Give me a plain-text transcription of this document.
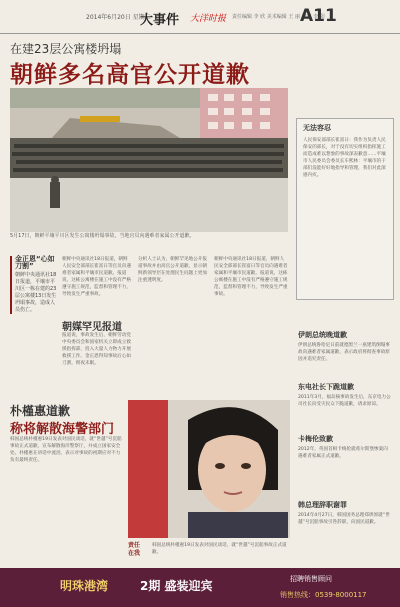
2014年6月20日 星期二
大事件 大洋时报 责任编辑 李 欣 美术编辑 王 丽 校对 李 阳
A11
在建23层公寓楼坍塌
朝鲜多名高官公开道歉
5月17日，朝鲜平壤平川区发生公寓楼坍塌事故，当地官员向遇难者家属公开道歉。
金正恩“心如刀割”
朝鲜中央通讯社18日报道，平壤市平川区一栋在建的23层公寓楼13日发生坍塌事故，造成人员伤亡。
朝鲜中央通讯社18日报道，朝鲜人民安全部部长崔富日等官员向遇难者家属和平壤市民道歉。报道说，这栋公寓楼在施工中没有严格遵守施工规范，监督和管理不力，导致发生严重事故。
朝媒罕见报道
报道说，事故发生后，朝鲜劳动党中央委员会和国家机关立即成立救援指挥部，投入大量人力物力开展救援工作。金正恩得知事故后心如刀割，彻夜未眠。
分析人士认为，朝鲜罕见地公开报道事故并由高官公开道歉，显示朝鲜新领导层在处理民生问题上更加注重透明度。
朝鲜中央通讯社18日报道，朝鲜人民安全部部长崔富日等官员向遇难者家属和平壤市民道歉。报道说，这栋公寓楼在施工中没有严格遵守施工规范，监督和管理不力，导致发生严重事故。
无法容忍
人民保安部部长崔富日：我作为负责人民保安的部长，对于没有切实组织指挥施工而造成难以想象的事故深表歉意……平壤市人民委员会委员长车熙林：平壤市的干部们没能好好地指导和管理，我们对此深感内疚。
朴槿惠道歉
称将解散海警部门
韩国总统朴槿惠19日发表对国民谈话，就“世越”号沉船事故正式道歉，宣布解散海洋警察厅，并成立国家安全处。朴槿惠在讲话中流泪，表示对事故的初期应对不力负有最终责任。
责任 在我
韩国总统朴槿惠19日发表对国民谈话，就“世越”号沉船事故正式道歉。
伊朗总统晚道歉
伊朗总统鲁哈尼日前就德黑兰一座建筑倒塌事故向遇难者家属道歉，表示政府将彻查事故原因并追究责任。
东电社长下跪道歉
2011年3月，福岛核事故发生后，东京电力公司社长向受灾民众下跪道歉，请求原谅。
卡梅伦致歉
2012年，英国首相卡梅伦就希尔斯堡惨案向遇难者家属正式道歉。
韩总理辞职谢罪
2014年4月27日，韩国国务总理郑烘原就“世越”号沉船事故引咎辞职，向国民道歉。
明珠港湾	2期 盛装迎宾	招聘销售顾问
销售热线：0539-8000117
